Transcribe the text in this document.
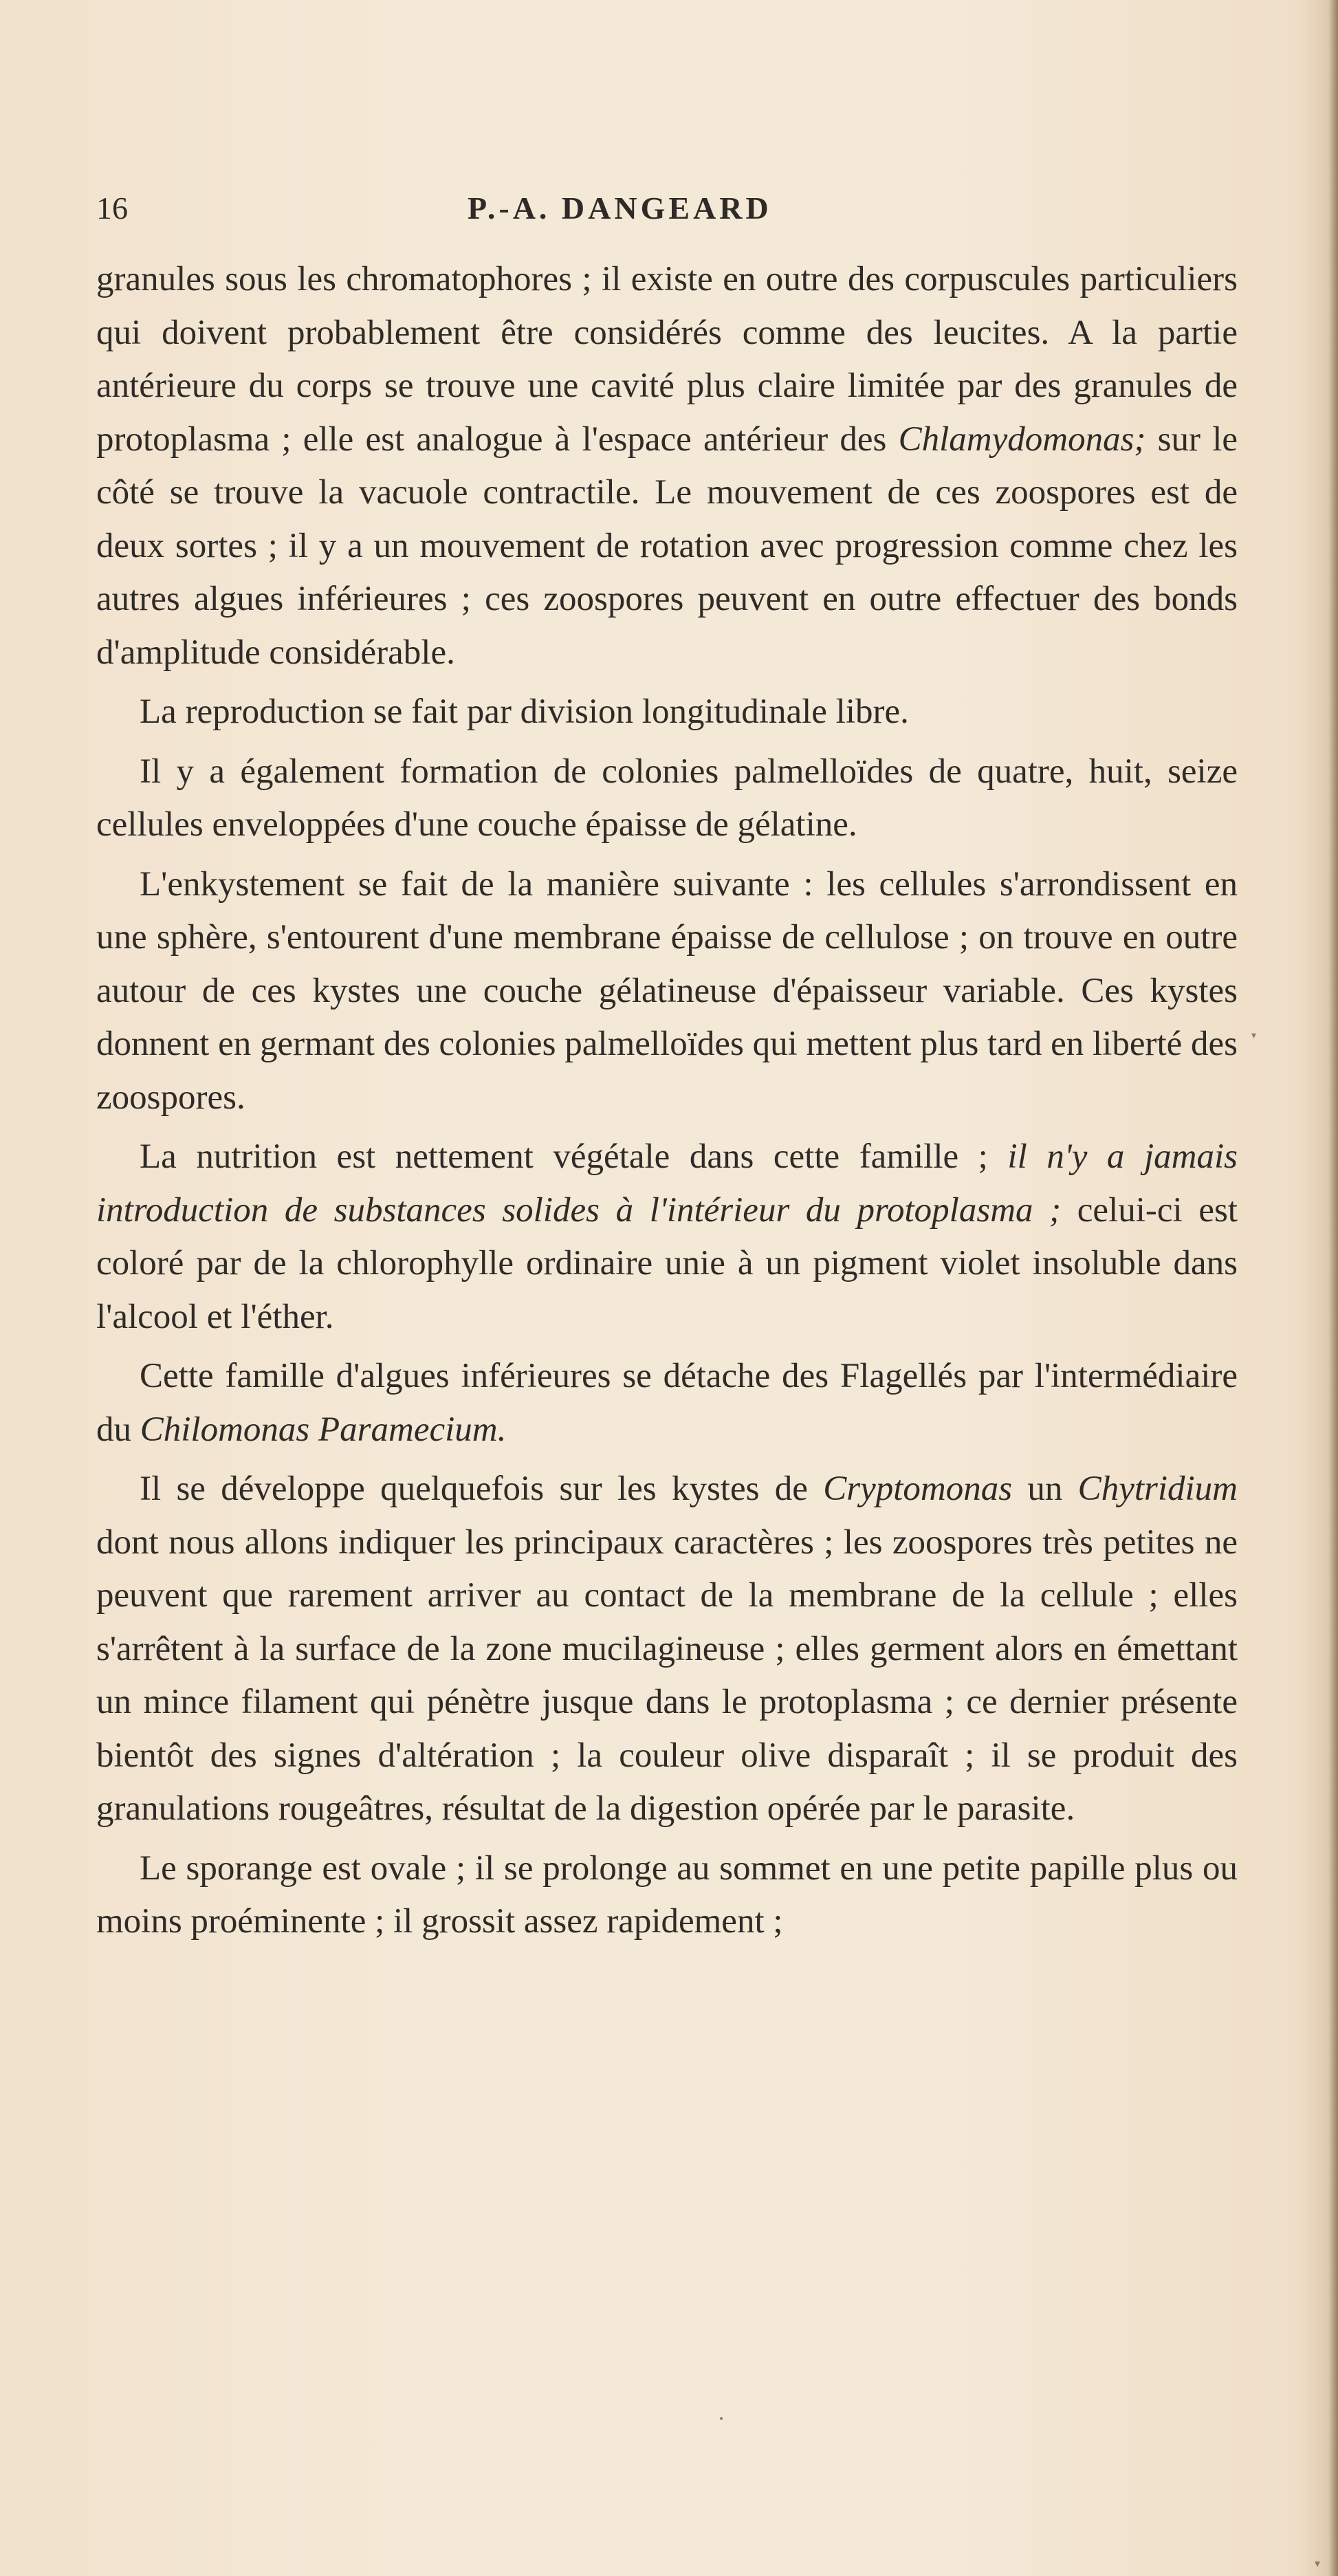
16	P.-A. DANGEARD

granules sous les chromatophores ; il existe en outre des corpuscules particuliers qui doivent probablement être considérés comme des leucites. A la partie antérieure du corps se trouve une cavité plus claire limitée par des granules de protoplasma ; elle est analogue à l'espace antérieur des Chlamydomonas; sur le côté se trouve la vacuole contractile. Le mouvement de ces zoospores est de deux sortes ; il y a un mouvement de rotation avec progression comme chez les autres algues inférieures ; ces zoospores peuvent en outre effectuer des bonds d'amplitude considérable.

La reproduction se fait par division longitudinale libre.

Il y a également formation de colonies palmelloïdes de quatre, huit, seize cellules enveloppées d'une couche épaisse de gélatine.

L'enkystement se fait de la manière suivante : les cellules s'arrondissent en une sphère, s'entourent d'une membrane épaisse de cellulose ; on trouve en outre autour de ces kystes une couche gélatineuse d'épaisseur variable. Ces kystes donnent en germant des colonies palmelloïdes qui mettent plus tard en liberté des zoospores.

La nutrition est nettement végétale dans cette famille ; il n'y a jamais introduction de substances solides à l'intérieur du protoplasma ; celui-ci est coloré par de la chlorophylle ordinaire unie à un pigment violet insoluble dans l'alcool et l'éther.

Cette famille d'algues inférieures se détache des Flagellés par l'intermédiaire du Chilomonas Paramecium.

Il se développe quelquefois sur les kystes de Cryptomonas un Chytridium dont nous allons indiquer les principaux caractères ; les zoospores très petites ne peuvent que rarement arriver au contact de la membrane de la cellule ; elles s'arrêtent à la surface de la zone mucilagineuse ; elles germent alors en émettant un mince filament qui pénètre jusque dans le protoplasma ; ce dernier présente bientôt des signes d'altération ; la couleur olive disparaît ; il se produit des granulations rougeâtres, résultat de la digestion opérée par le parasite.

Le sporange est ovale ; il se prolonge au sommet en une petite papille plus ou moins proéminente ; il grossit assez rapidement ;

•
▾
▾
